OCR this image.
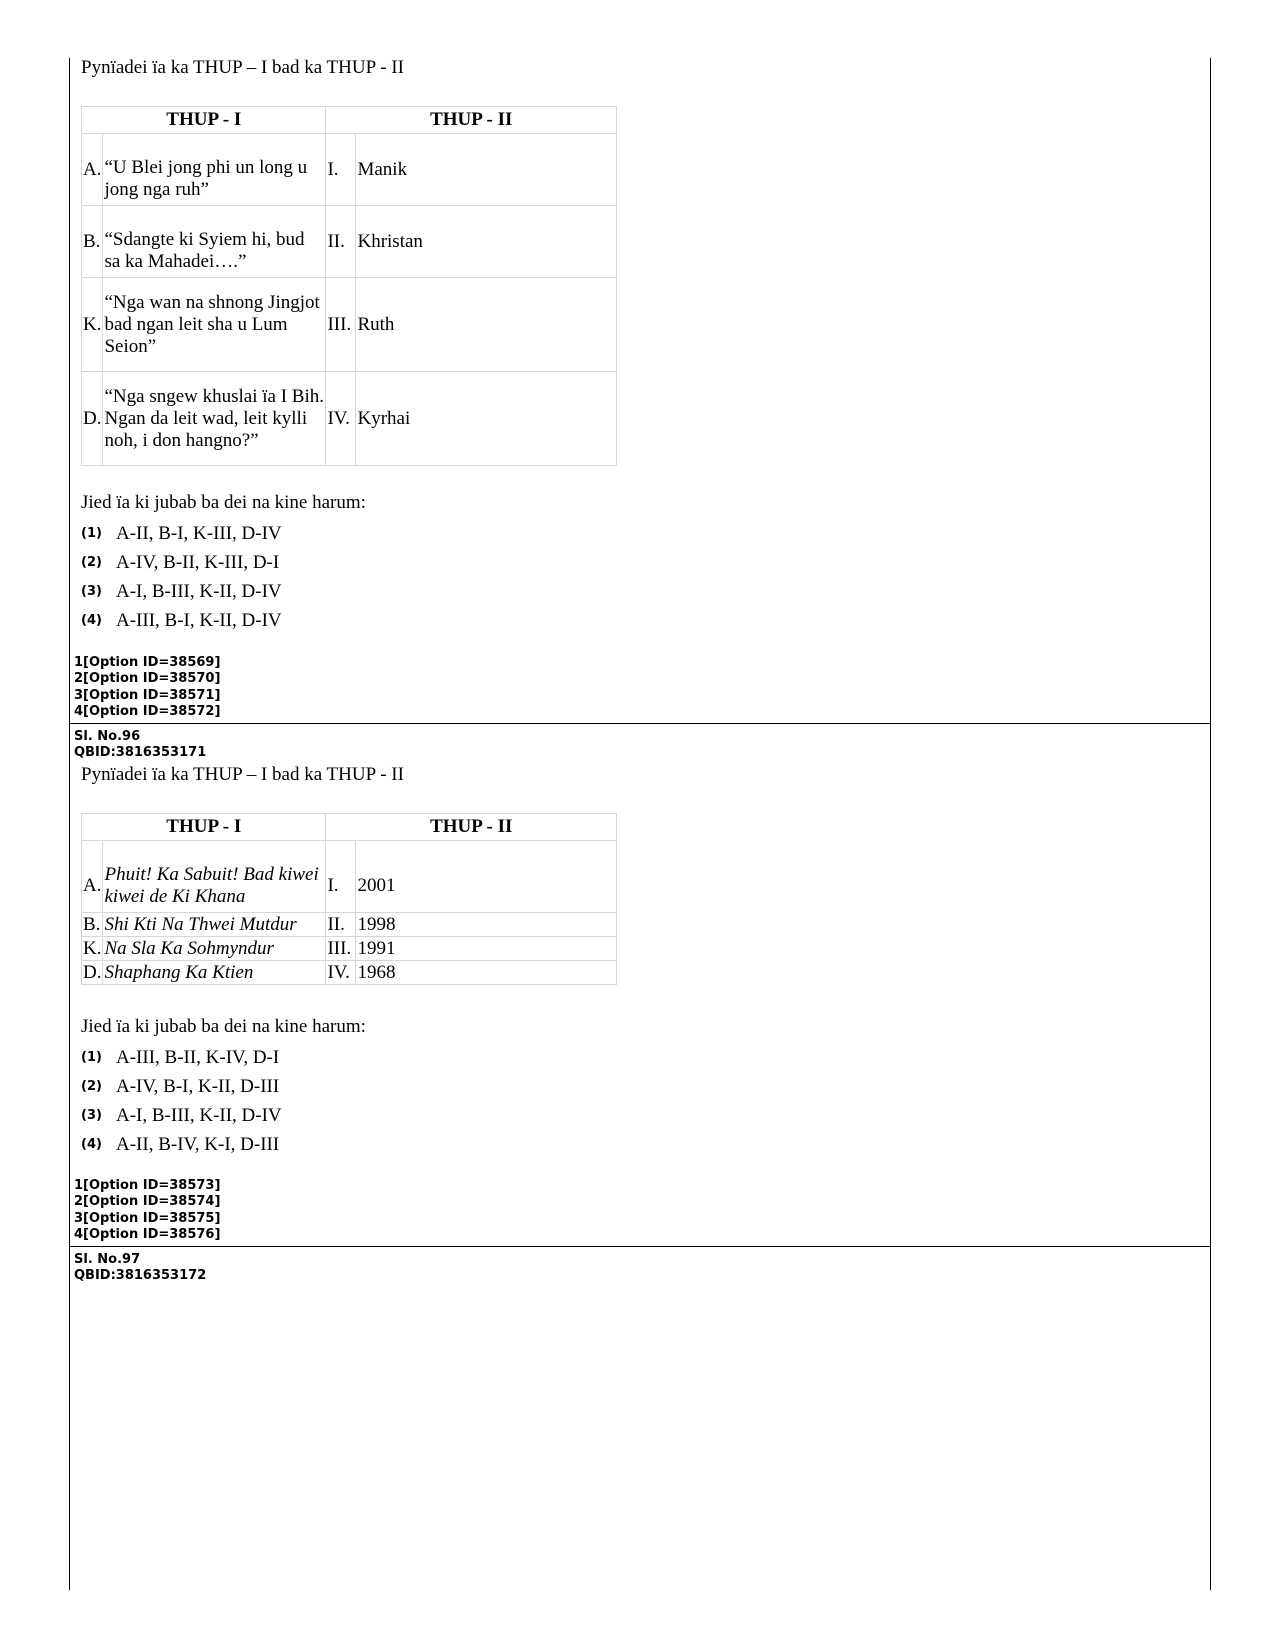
Pynïadei ïa ka THUP – I bad ka THUP - II
THUP - I		THUP - II	
A.	“U Blei jong phi un long u jong nga ruh”	I.	Manik
B.	“Sdangte ki Syiem hi, bud sa ka Mahadei….”	II.	Khristan
K.	“Nga wan na shnong Jingjot bad ngan leit sha u Lum Seion”	III.	Ruth
D.	“Nga sngew khuslai ïa I Bih. Ngan da leit wad, leit kylli noh, i don hangno?”	IV.	Kyrhai
Jied ïa ki jubab ba dei na kine harum:
(1) A-II, B-I, K-III, D-IV
(2) A-IV, B-II, K-III, D-I
(3) A-I, B-III, K-II, D-IV
(4) A-III, B-I, K-II, D-IV
1[Option ID=38569]
2[Option ID=38570]
3[Option ID=38571]
4[Option ID=38572]
Sl. No.96
QBID:3816353171
Pynïadei ïa ka THUP – I bad ka THUP - II
THUP - I		THUP - II	
A.	Phuit! Ka Sabuit! Bad kiwei kiwei de Ki Khana	I.	2001
B.	Shi Kti Na Thwei Mutdur	II.	1998
K.	Na Sla Ka Sohmyndur	III.	1991
D.	Shaphang Ka Ktien	IV.	1968
Jied ïa ki jubab ba dei na kine harum:
(1) A-III, B-II, K-IV, D-I
(2) A-IV, B-I, K-II, D-III
(3) A-I, B-III, K-II, D-IV
(4) A-II, B-IV, K-I, D-III
1[Option ID=38573]
2[Option ID=38574]
3[Option ID=38575]
4[Option ID=38576]
Sl. No.97
QBID:3816353172
